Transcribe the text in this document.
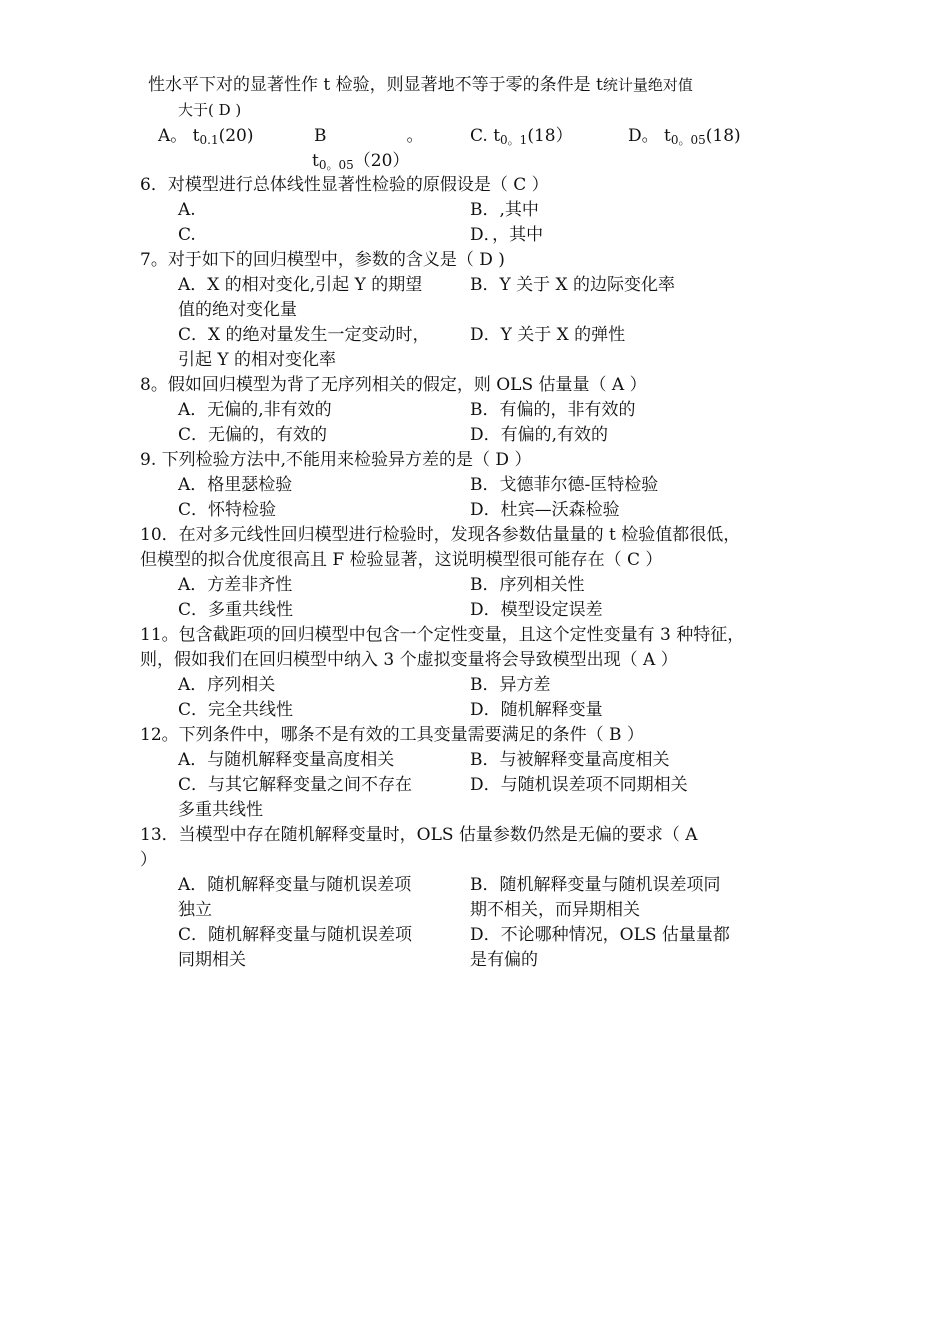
性水平下对的显著性作 t 检验，则显著地不等于零的条件是 t统计量绝对值
大于( D )
A。 t0.1(20)	B	。
t0。05（20）
C. t0。1(18）	D。 t0。05(18)
6．对模型进行总体线性显著性检验的原假设是（ C ）
A.	B．,其中
C.	D．，其中
7。对于如下的回归模型中，参数的含义是（ D )
A．X 的相对变化,引起 Y 的期望
值的绝对变化量
B．Y 关于 X 的边际变化率
C．X 的绝对量发生一定变动时，
引起 Y 的相对变化率
D．Y 关于 X 的弹性
8。假如回归模型为背了无序列相关的假定，则 OLS 估量量（ A ）
A．无偏的,非有效的	B．有偏的，非有效的
C．无偏的，有效的	D．有偏的,有效的
9. 下列检验方法中,不能用来检验异方差的是（ D ）
A．格里瑟检验	B．戈德菲尔德-匡特检验
C．怀特检验	D．杜宾—沃森检验
10．在对多元线性回归模型进行检验时，发现各参数估量量的 t 检验值都很低，
但模型的拟合优度很高且 F 检验显著，这说明模型很可能存在（ C ）
A．方差非齐性	B．序列相关性
C．多重共线性	D．模型设定误差
11。包含截距项的回归模型中包含一个定性变量，且这个定性变量有 3 种特征，
则，假如我们在回归模型中纳入 3 个虚拟变量将会导致模型出现（ A ）
A．序列相关	B．异方差
C．完全共线性	D．随机解释变量
12。下列条件中，哪条不是有效的工具变量需要满足的条件（ B ）
A．与随机解释变量高度相关	B．与被解释变量高度相关
C．与其它解释变量之间不存在
多重共线性
D．与随机误差项不同期相关
13．当模型中存在随机解释变量时，OLS 估量参数仍然是无偏的要求（ A
）
A．随机解释变量与随机误差项
独立
B．随机解释变量与随机误差项同
期不相关，而异期相关
C．随机解释变量与随机误差项
同期相关
D．不论哪种情况，OLS 估量量都
是有偏的
